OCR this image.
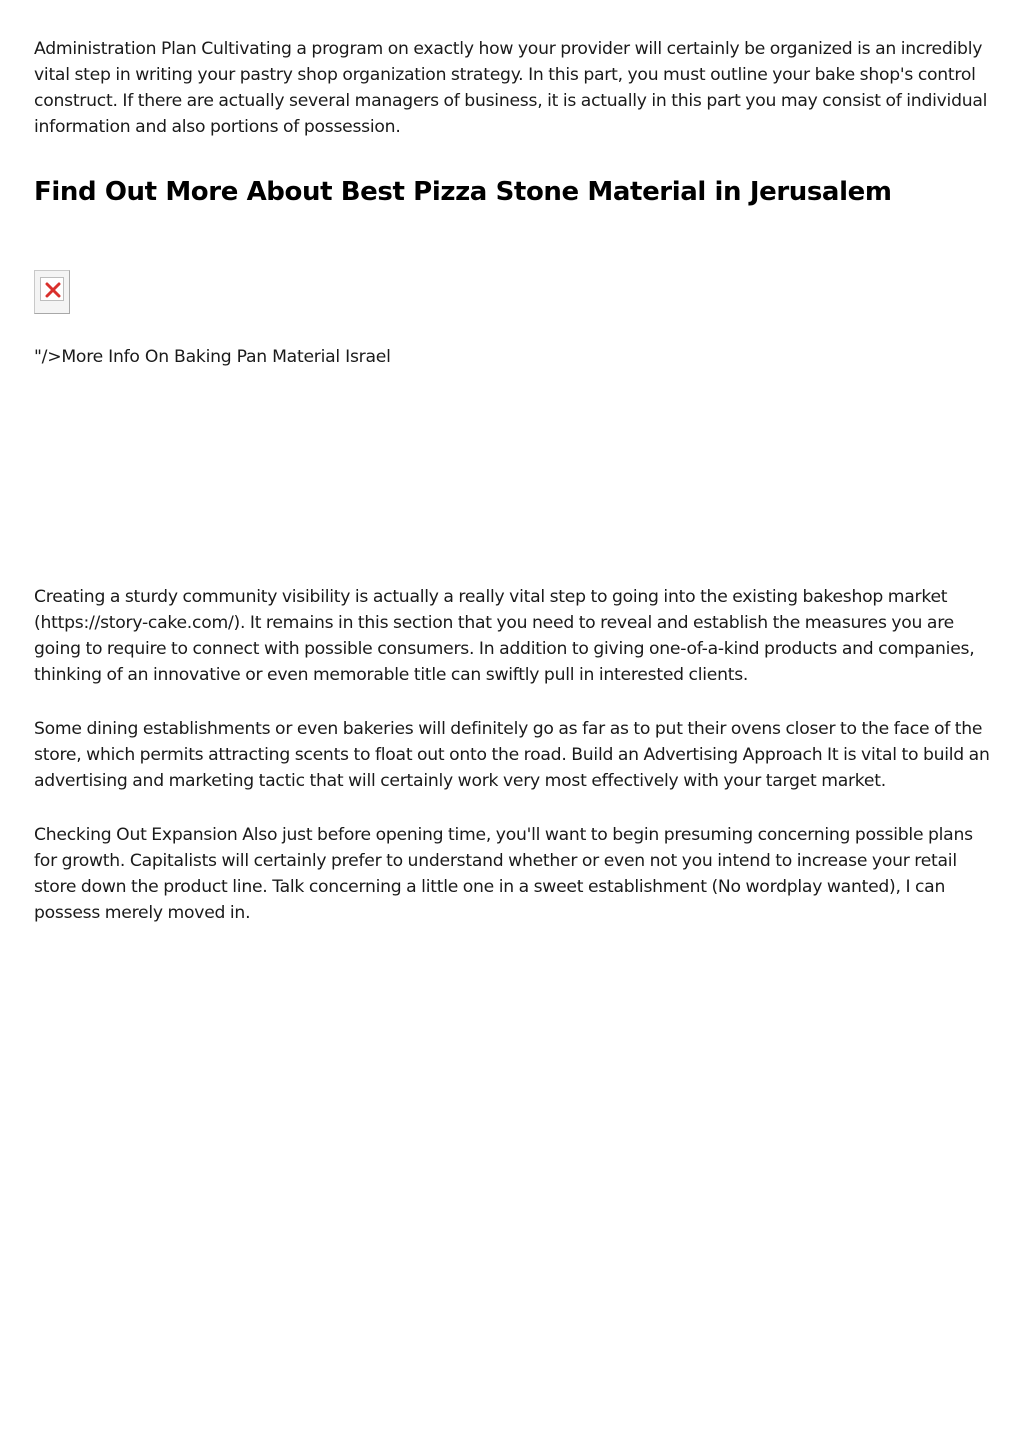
Administration Plan Cultivating a program on exactly how your provider will certainly be organized is an incredibly vital step in writing your pastry shop organization strategy. In this part, you must outline your bake shop's control construct. If there are actually several managers of business, it is actually in this part you may consist of individual information and also portions of possession.

Find Out More About Best Pizza Stone Material in Jerusalem

"/>More Info On Baking Pan Material Israel

Creating a sturdy community visibility is actually a really vital step to going into the existing bakeshop market (https://story-cake.com/). It remains in this section that you need to reveal and establish the measures you are going to require to connect with possible consumers. In addition to giving one-of-a-kind products and companies, thinking of an innovative or even memorable title can swiftly pull in interested clients.

Some dining establishments or even bakeries will definitely go as far as to put their ovens closer to the face of the store, which permits attracting scents to float out onto the road. Build an Advertising Approach It is vital to build an advertising and marketing tactic that will certainly work very most effectively with your target market.

Checking Out Expansion Also just before opening time, you'll want to begin presuming concerning possible plans for growth. Capitalists will certainly prefer to understand whether or even not you intend to increase your retail store down the product line. Talk concerning a little one in a sweet establishment (No wordplay wanted), I can possess merely moved in.
